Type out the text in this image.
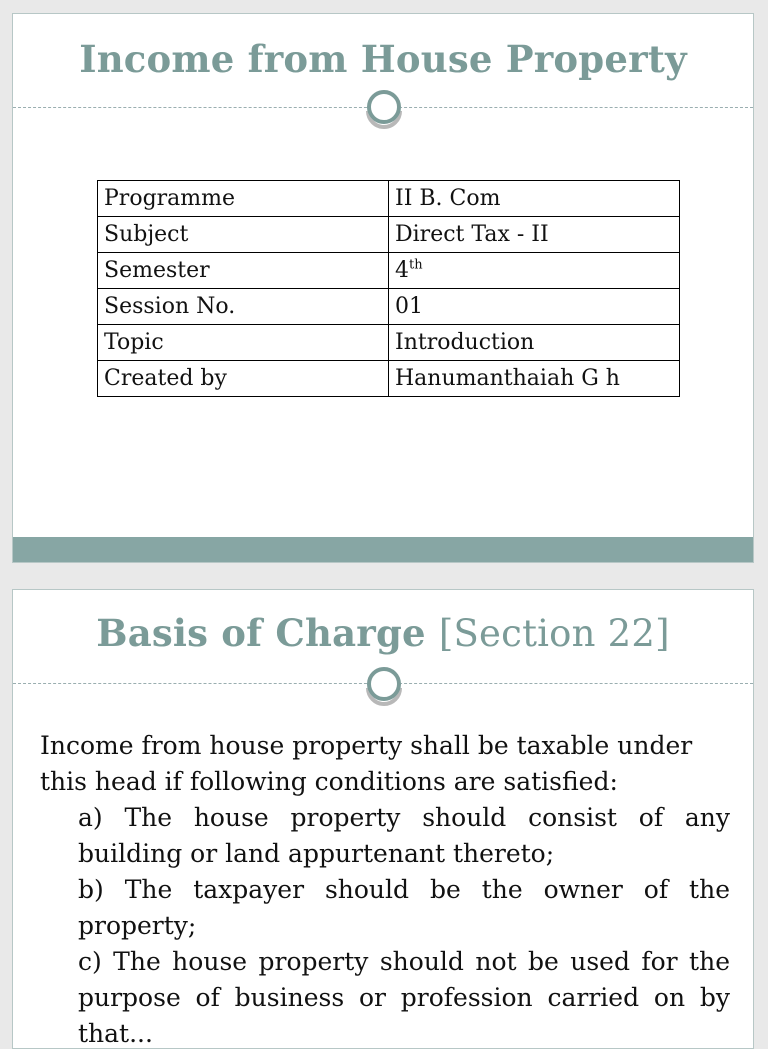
Income from House Property
Programme	II B. Com
Subject	Direct Tax - II
Semester	4th
Session No.	01
Topic	Introduction
Created by	Hanumanthaiah G h
Basis of Charge [Section 22]

Income from house property shall be taxable under this head if following conditions are satisfied:

a) The house property should consist of any building or land appurtenant thereto;
b) The taxpayer should be the owner of the property;
c) The house property should not be used for the purpose of business or profession carried on by that...
